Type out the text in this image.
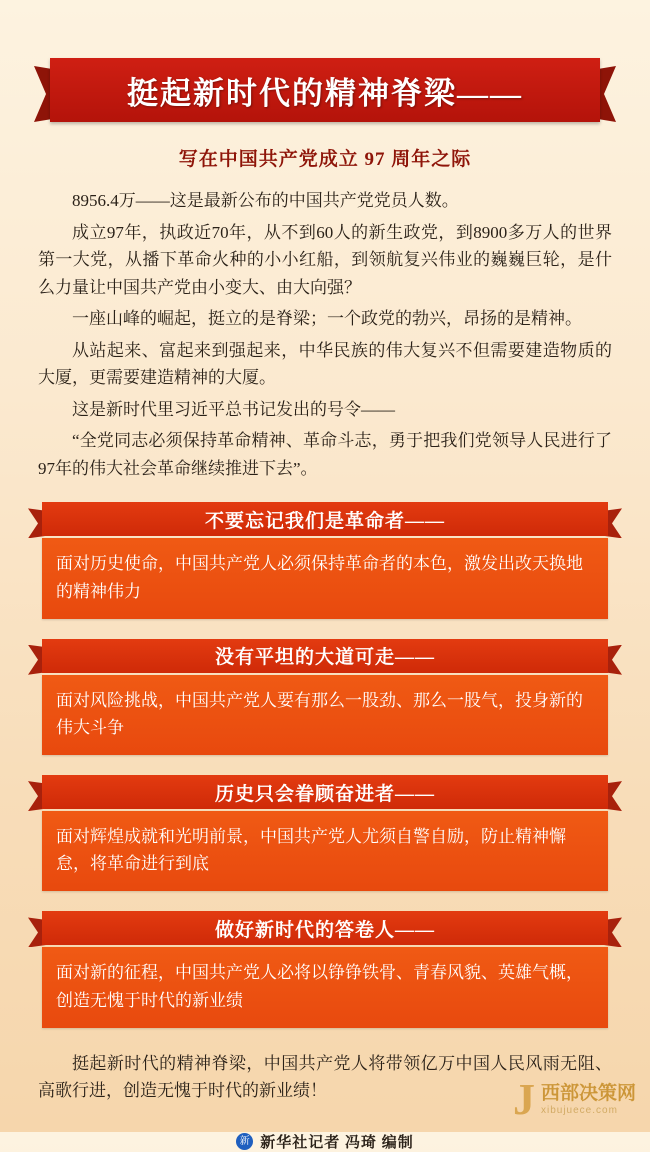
挺起新时代的精神脊梁——
写在中国共产党成立 97 周年之际

8956.4万——这是最新公布的中国共产党党员人数。

成立97年，执政近70年，从不到60人的新生政党，到8900多万人的世界第一大党，从播下革命火种的小小红船，到领航复兴伟业的巍巍巨轮，是什么力量让中国共产党由小变大、由大向强？

一座山峰的崛起，挺立的是脊梁；一个政党的勃兴，昂扬的是精神。

从站起来、富起来到强起来，中华民族的伟大复兴不但需要建造物质的大厦，更需要建造精神的大厦。

这是新时代里习近平总书记发出的号令——

“全党同志必须保持革命精神、革命斗志，勇于把我们党领导人民进行了97年的伟大社会革命继续推进下去”。

不要忘记我们是革命者——
面对历史使命，中国共产党人必须保持革命者的本色，激发出改天换地的精神伟力
没有平坦的大道可走——
面对风险挑战，中国共产党人要有那么一股劲、那么一股气，投身新的伟大斗争
历史只会眷顾奋进者——
面对辉煌成就和光明前景，中国共产党人尤须自警自励，防止精神懈怠，将革命进行到底
做好新时代的答卷人——
面对新的征程，中国共产党人必将以铮铮铁骨、青春风貌、英雄气概，创造无愧于时代的新业绩

挺起新时代的精神脊梁，中国共产党人将带领亿万中国人民风雨无阻、高歌行进，创造无愧于时代的新业绩！

新 新华社记者 冯琦 编制
J 西部决策网
xibujuece.com
